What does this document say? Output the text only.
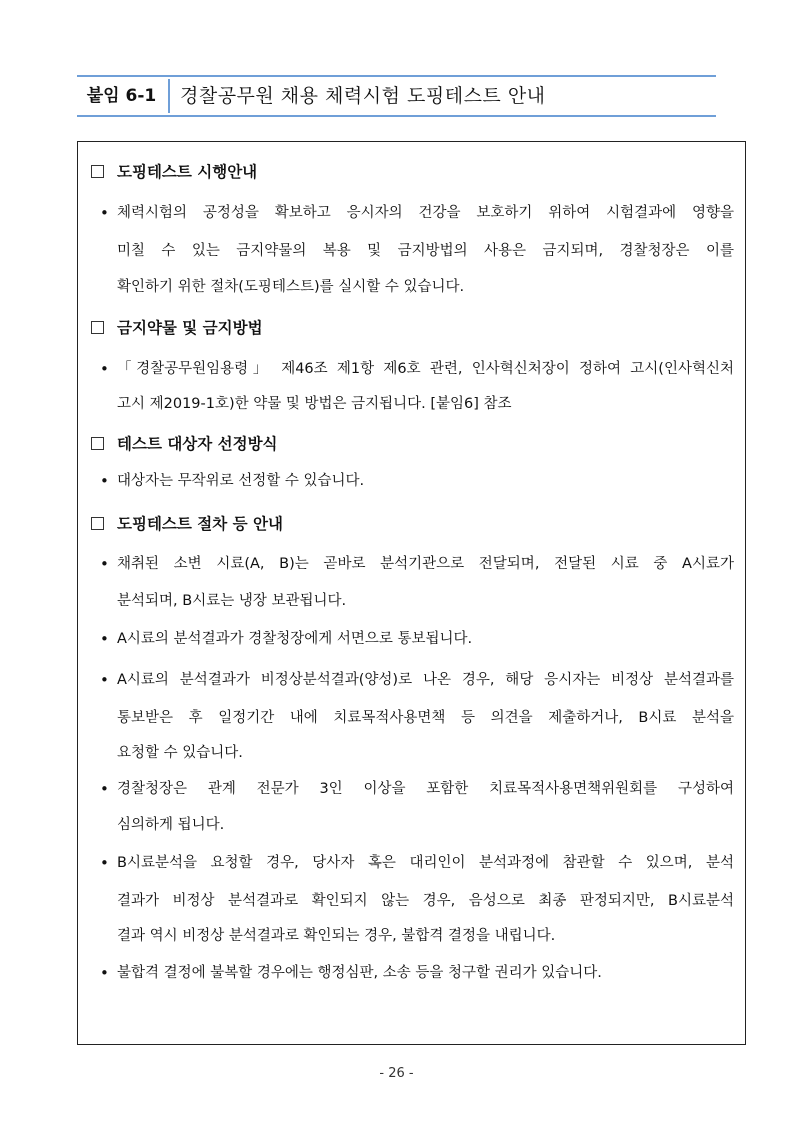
붙임 6-1	경찰공무원 채용 체력시험 도핑테스트 안내
도핑테스트 시행안내
• 체력시험의 공정성을 확보하고 응시자의 건강을 보호하기 위하여 시험결과에 영향을
미칠 수 있는 금지약물의 복용 및 금지방법의 사용은 금지되며, 경찰청장은 이를
확인하기 위한 절차(도핑테스트)를 실시할 수 있습니다.
금지약물 및 금지방법
• 「경찰공무원임용령」 제46조 제1항 제6호 관련, 인사혁신처장이 정하여 고시(인사혁신처
고시 제2019-1호)한 약물 및 방법은 금지됩니다. [붙임6] 참조
테스트 대상자 선정방식
• 대상자는 무작위로 선정할 수 있습니다.
도핑테스트 절차 등 안내
• 채취된 소변 시료(A, B)는 곧바로 분석기관으로 전달되며, 전달된 시료 중 A시료가
분석되며, B시료는 냉장 보관됩니다.
• A시료의 분석결과가 경찰청장에게 서면으로 통보됩니다.
• A시료의 분석결과가 비정상분석결과(양성)로 나온 경우, 해당 응시자는 비정상 분석결과를
통보받은 후 일정기간 내에 치료목적사용면책 등 의견을 제출하거나, B시료 분석을
요청할 수 있습니다.
• 경찰청장은 관계 전문가 3인 이상을 포함한 치료목적사용면책위원회를 구성하여
심의하게 됩니다.
• B시료분석을 요청할 경우, 당사자 혹은 대리인이 분석과정에 참관할 수 있으며, 분석
결과가 비정상 분석결과로 확인되지 않는 경우, 음성으로 최종 판정되지만, B시료분석
결과 역시 비정상 분석결과로 확인되는 경우, 불합격 결정을 내립니다.
• 불합격 결정에 불복할 경우에는 행정심판, 소송 등을 청구할 권리가 있습니다.
- 26 -
